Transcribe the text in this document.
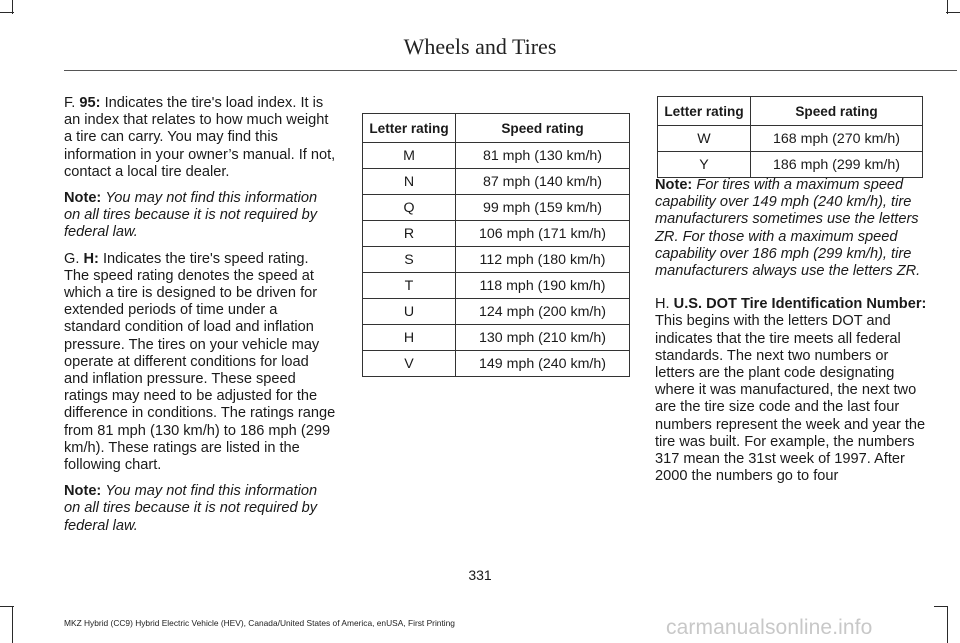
Wheels and Tires

F. 95: Indicates the tire's load index. It is an index that relates to how much weight a tire can carry. You may find this information in your owner’s manual. If not, contact a local tire dealer.

Note: You may not find this information on all tires because it is not required by federal law.

G. H: Indicates the tire's speed rating. The speed rating denotes the speed at which a tire is designed to be driven for extended periods of time under a standard condition of load and inflation pressure. The tires on your vehicle may operate at different conditions for load and inflation pressure. These speed ratings may need to be adjusted for the difference in conditions. The ratings range from 81 mph (130 km/h) to 186 mph (299 km/h). These ratings are listed in the following chart.

Note: You may not find this information on all tires because it is not required by federal law.

Letter rating	Speed rating
M	81 mph (130 km/h)
N	87 mph (140 km/h)
Q	99 mph (159 km/h)
R	106 mph (171 km/h)
S	112 mph (180 km/h)
T	118 mph (190 km/h)
U	124 mph (200 km/h)
H	130 mph (210 km/h)
V	149 mph (240 km/h)
Letter rating	Speed rating
W	168 mph (270 km/h)
Y	186 mph (299 km/h)

Note: For tires with a maximum speed capability over 149 mph (240 km/h), tire manufacturers sometimes use the letters ZR. For those with a maximum speed capability over 186 mph (299 km/h), tire manufacturers always use the letters ZR.

H. U.S. DOT Tire Identification Number: This begins with the letters DOT and indicates that the tire meets all federal standards. The next two numbers or letters are the plant code designating where it was manufactured, the next two are the tire size code and the last four numbers represent the week and year the tire was built. For example, the numbers 317 mean the 31st week of 1997. After 2000 the numbers go to four

331
MKZ Hybrid (CC9) Hybrid Electric Vehicle (HEV), Canada/United States of America, enUSA, First Printing	carmanualsonline.info
